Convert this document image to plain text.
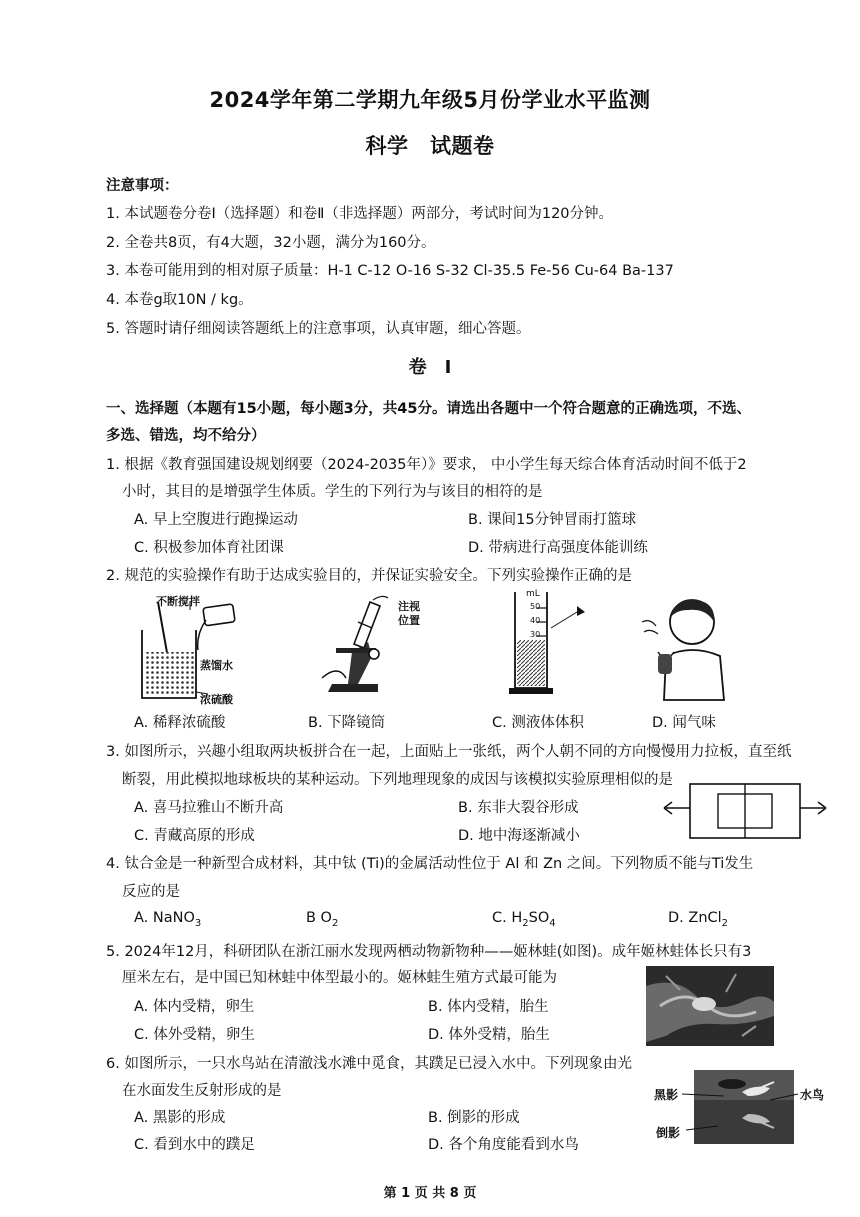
2024学年第二学期九年级5月份学业水平监测
科学　试题卷
注意事项：
1. 本试题卷分卷Ⅰ（选择题）和卷Ⅱ（非选择题）两部分，考试时间为120分钟。
2. 全卷共8页，有4大题，32小题，满分为160分。
3. 本卷可能用到的相对原子质量：H-1 C-12 O-16 S-32 Cl-35.5 Fe-56 Cu-64 Ba-137
4. 本卷g取10N / kg。
5. 答题时请仔细阅读答题纸上的注意事项，认真审题，细心答题。
卷　Ⅰ
一、选择题（本题有15小题，每小题3分，共45分。请选出各题中一个符合题意的正确选项，不选、
多选、错选，均不给分）
1. 根据《教育强国建设规划纲要（2024-2035年）》要求， 中小学生每天综合体育活动时间不低于2
小时，其目的是增强学生体质。学生的下列行为与该目的相符的是
A. 早上空腹进行跑操运动	B. 课间15分钟冒雨打篮球
C. 积极参加体育社团课	D. 带病进行高强度体能训练
2. 规范的实验操作有助于达成实验目的，并保证实验安全。下列实验操作正确的是
不断搅拌
蒸馏水
浓硫酸
注视
位置
mL
50
40
30
A. 稀释浓硫酸	B. 下降镜筒	C. 测液体体积	D. 闻气味
3. 如图所示，兴趣小组取两块板拼合在一起，上面贴上一张纸，两个人朝不同的方向慢慢用力拉板，直至纸
断裂，用此模拟地球板块的某种运动。下列地理现象的成因与该模拟实验原理相似的是
A. 喜马拉雅山不断升高	B. 东非大裂谷形成
C. 青藏高原的形成	D. 地中海逐渐减小
4. 钛合金是一种新型合成材料，其中钛 (Ti)的金属活动性位于 Al 和 Zn 之间。下列物质不能与Ti发生
反应的是
A. NaNO$_3$	B $O_2$	C. $H_2SO_4$	D. ZnCl$_2$
5. 2024年12月，科研团队在浙江丽水发现两栖动物新物种——姬林蛙(如图)。成年姬林蛙体长只有3
厘米左右，是中国已知林蛙中体型最小的。姬林蛙生殖方式最可能为
A. 体内受精，卵生	B. 体内受精，胎生
C. 体外受精，卵生	D. 体外受精，胎生
6. 如图所示，一只水鸟站在清澈浅水滩中觅食，其蹼足已浸入水中。下列现象由光
在水面发生反射形成的是
A. 黑影的形成	B. 倒影的形成
C. 看到水中的蹼足	D. 各个角度能看到水鸟
黑影	水鸟
倒影
第 1 页 共 8 页
